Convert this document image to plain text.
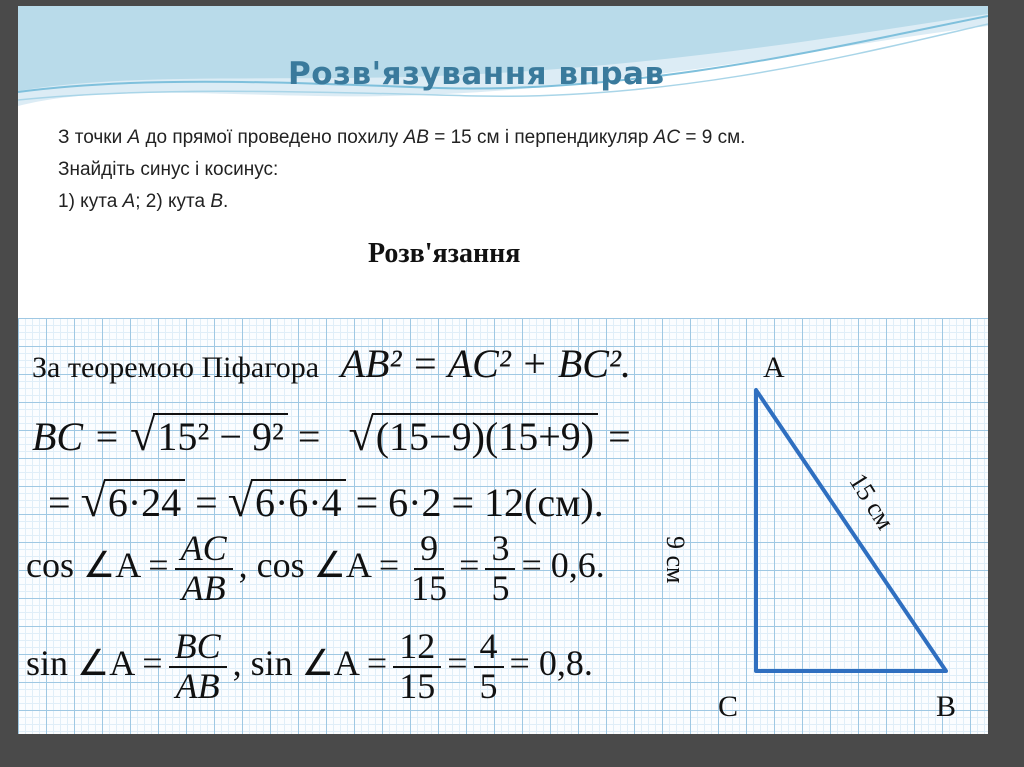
Розв'язування вправ
З точки A до прямої проведено похилу AB = 15 см і перпендикуляр AC = 9 см.
Знайдіть синус і косинус:
1) кута A; 2) кута B.
Розв'язання
За теоремою Піфагора AB² = AC² + BC².
BC = √15² − 9² = √(15−9)(15+9) =
= √6·24 = √6·6·4 = 6·2 = 12(см).
cos ∠A = $\frac{AC}{AB}$ , cos ∠A = $\frac{9}{15} = \frac{3}{5} = 0,6$.
sin ∠A = $\frac{BC}{AB}$ , sin ∠A = $\frac{12}{15} = \frac{4}{5} = 0,8$.
A
C	B
9 см
15 см
